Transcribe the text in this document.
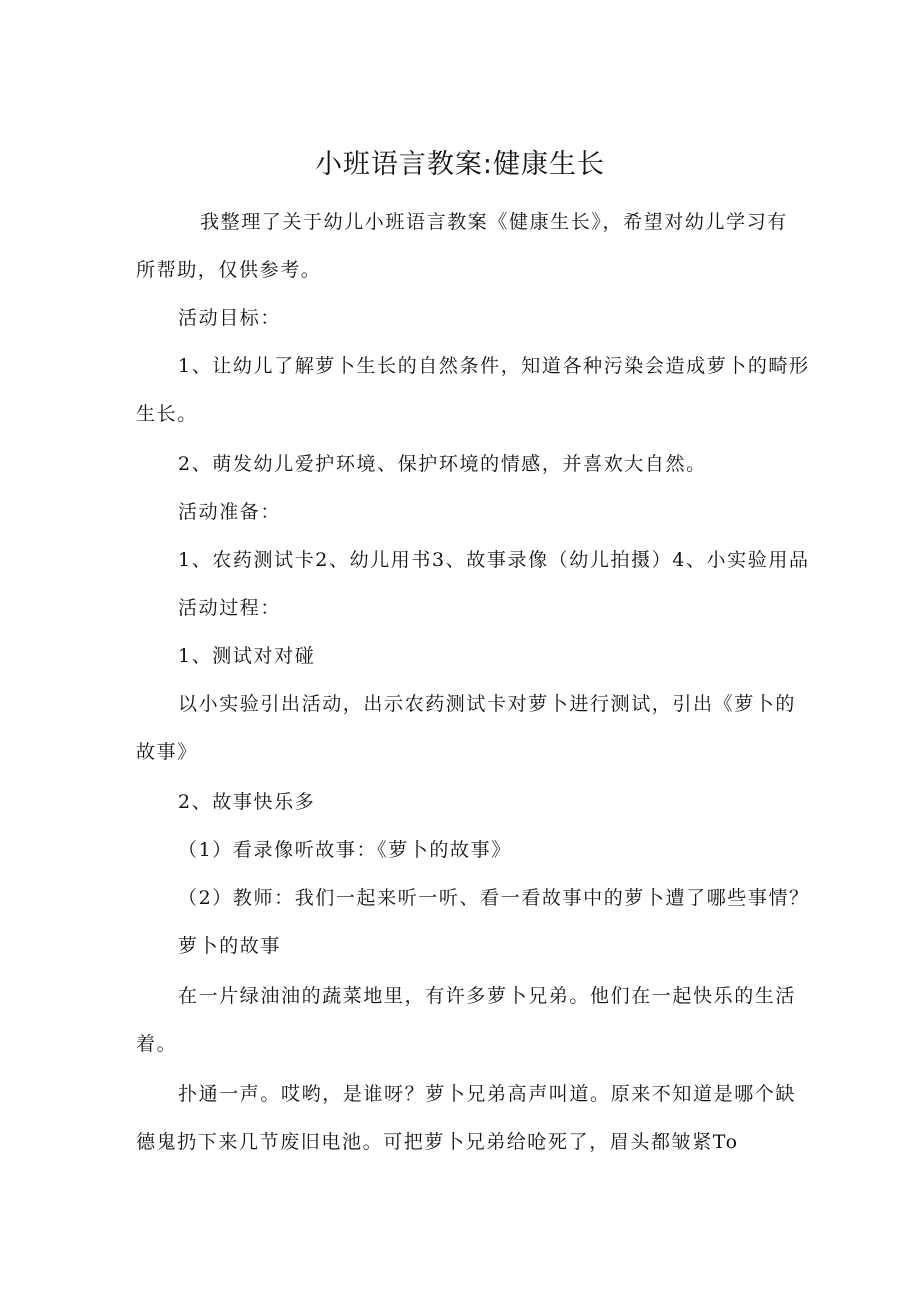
小班语言教案:健康生长
我整理了关于幼儿小班语言教案《健康生长》，希望对幼儿学习有
所帮助，仅供参考。
活动目标：
1、让幼儿了解萝卜生长的自然条件，知道各种污染会造成萝卜的畸形
生长。
2、萌发幼儿爱护环境、保护环境的情感，并喜欢大自然。
活动准备：
1、农药测试卡2、幼儿用书3、故事录像（幼儿拍摄）4、小实验用品
活动过程：
1、测试对对碰
以小实验引出活动，出示农药测试卡对萝卜进行测试，引出《萝卜的
故事》
2、故事快乐多
（1）看录像听故事：《萝卜的故事》
（2）教师：我们一起来听一听、看一看故事中的萝卜遭了哪些事情？
萝卜的故事
在一片绿油油的蔬菜地里，有许多萝卜兄弟。他们在一起快乐的生活
着。
扑通一声。哎哟，是谁呀？萝卜兄弟高声叫道。原来不知道是哪个缺
德鬼扔下来几节废旧电池。可把萝卜兄弟给呛死了，眉头都皱紧To
